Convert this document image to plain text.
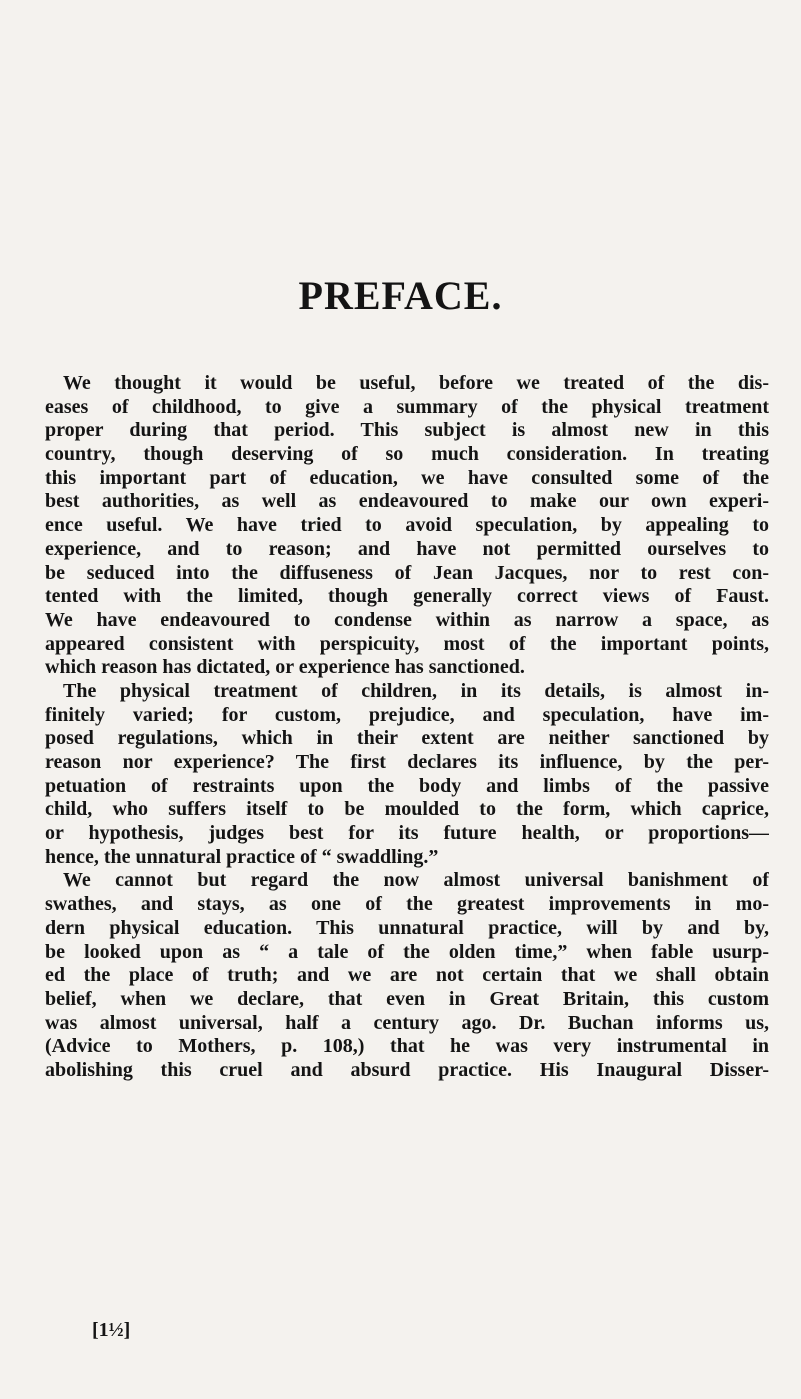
PREFACE.
We thought it would be useful, before we treated of the dis-
eases of childhood, to give a summary of the physical treatment
proper during that period. This subject is almost new in this
country, though deserving of so much consideration. In treating
this important part of education, we have consulted some of the
best authorities, as well as endeavoured to make our own experi-
ence useful. We have tried to avoid speculation, by appealing to
experience, and to reason; and have not permitted ourselves to
be seduced into the diffuseness of Jean Jacques, nor to rest con-
tented with the limited, though generally correct views of Faust.
We have endeavoured to condense within as narrow a space, as
appeared consistent with perspicuity, most of the important points,
which reason has dictated, or experience has sanctioned.
The physical treatment of children, in its details, is almost in-
finitely varied; for custom, prejudice, and speculation, have im-
posed regulations, which in their extent are neither sanctioned by
reason nor experience? The first declares its influence, by the per-
petuation of restraints upon the body and limbs of the passive
child, who suffers itself to be moulded to the form, which caprice,
or hypothesis, judges best for its future health, or proportions—
hence, the unnatural practice of “ swaddling.”
We cannot but regard the now almost universal banishment of
swathes, and stays, as one of the greatest improvements in mo-
dern physical education. This unnatural practice, will by and by,
be looked upon as “ a tale of the olden time,” when fable usurp-
ed the place of truth; and we are not certain that we shall obtain
belief, when we declare, that even in Great Britain, this custom
was almost universal, half a century ago. Dr. Buchan informs us,
(Advice to Mothers, p. 108,) that he was very instrumental in
abolishing this cruel and absurd practice. His Inaugural Disser-
[1½]
